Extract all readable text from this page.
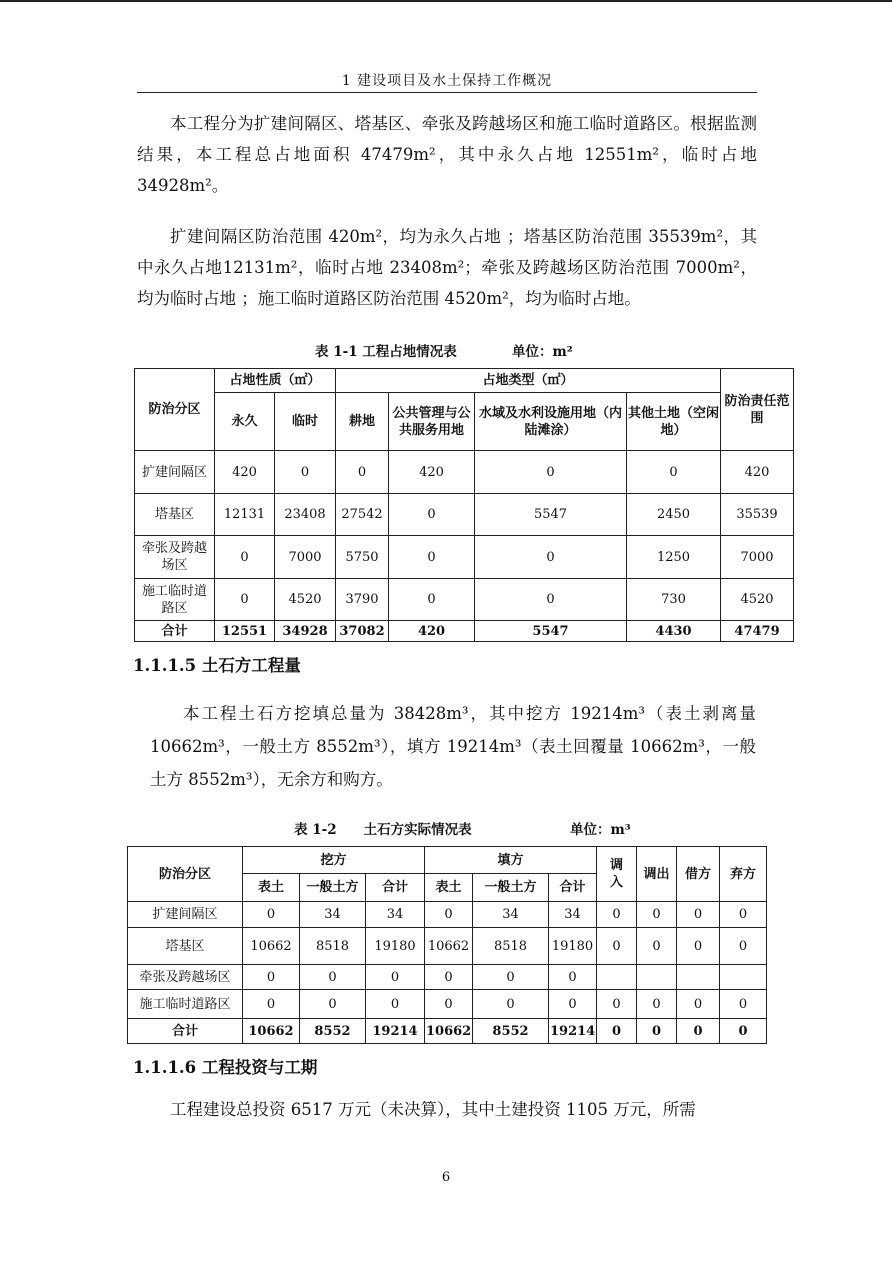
1 建设项目及水土保持工作概况
本工程分为扩建间隔区、塔基区、牵张及跨越场区和施工临时道路区。根据监测结果，本工程总占地面积 47479m²，其中永久占地 12551m²，临时占地34928m²。
扩建间隔区防治范围 420m²，均为永久占地 ；塔基区防治范围 35539m²，其中永久占地12131m²，临时占地 23408m²；牵张及跨越场区防治范围 7000m²，均为临时占地 ；施工临时道路区防治范围 4520m²，均为临时占地。
表 1-1 工程占地情况表	单位：m²
防治分区	占地性质（㎡）		占地类型（㎡）				防治责任范围
	永久	临时	耕地	公共管理与公 共服务用地	水域及水利设施用地（内陆滩涂）	其他土地（空闲地）	
扩建间隔区	420	0	0	420	0	0	420
塔基区	12131	23408	27542	0	5547	2450	35539
牵张及跨越场区	0	7000	5750	0	0	1250	7000
施工临时道路区	0	4520	3790	0	0	730	4520
合计	12551	34928	37082	420	5547	4430	47479
1.1.1.5 土石方工程量
本工程土石方挖填总量为 38428m³，其中挖方 19214m³（表土剥离量10662m³，一般土方 8552m³），填方 19214m³（表土回覆量 10662m³，一般土方 8552m³），无余方和购方。
表 1-2　　土石方实际情况表	单位：m³
防治分区	挖方			填方			调入	调出	借方	弃方
	表土	一般土方	合计	表土	一般土方	合计				
扩建间隔区	0	34	34	0	34	34	0	0	0	0
塔基区	10662	8518	19180	10662	8518	19180	0	0	0	0
牵张及跨越场区	0	0	0	0	0	0				
施工临时道路区	0	0	0	0	0	0	0	0	0	0
合计	10662	8552	19214	10662	8552	19214	0	0	0	0
1.1.1.6 工程投资与工期
工程建设总投资 6517 万元（未决算），其中土建投资 1105 万元，所需
6
